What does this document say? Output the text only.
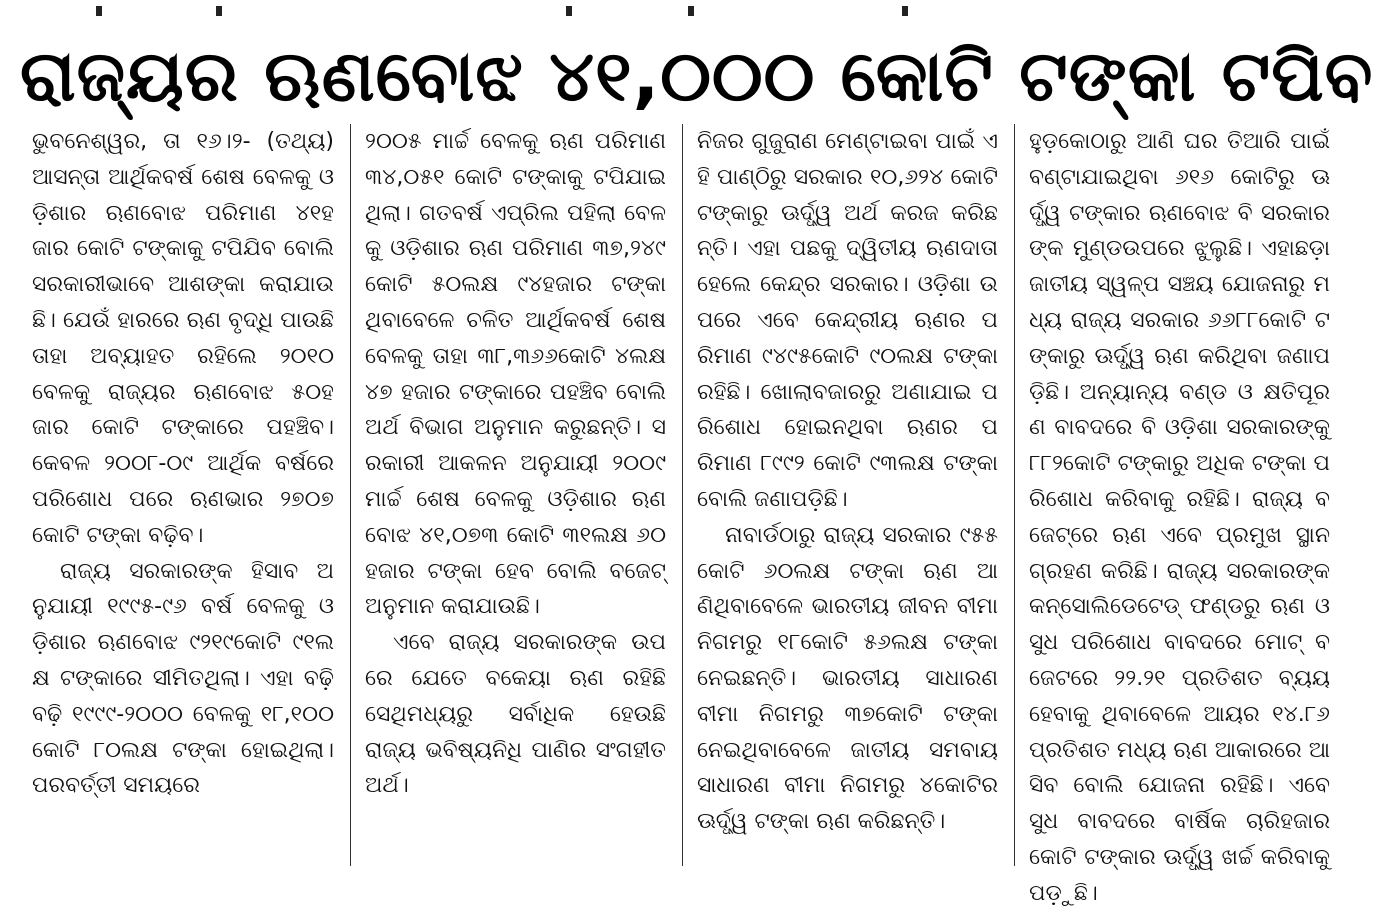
ରାଜ୍ୟର ଋଣବୋଝ ୪୧,୦୦୦ କୋଟି ଟଙ୍କା ଟପିବ

ଭୁବନେଶ୍ୱର, ତା ୧୬।୨- (ତଥ୍ୟ) ଆସନ୍ତା ଆର୍ଥିକବର୍ଷ ଶେଷ ବେଳକୁ ଓଡ଼ିଶାର ଋଣବୋଝ ପରିମାଣ ୪୧ହଜାର କୋଟି ଟଙ୍କାକୁ ଟପିଯିବ ବୋଲି ସରକାରୀଭାବେ ଆଶଙ୍କା କରାଯାଉଛି। ଯେଉଁ ହାରରେ ଋଣ ବୃଦ୍ଧି ପାଉଛି ତାହା ଅବ୍ୟାହତ ରହିଲେ ୨୦୧୦ ବେଳକୁ ରାଜ୍ୟର ଋଣବୋଝ ୫୦ହଜାର କୋଟି ଟଙ୍କାରେ ପହଞ୍ଚିବ। କେବଳ ୨୦୦୮-୦୯ ଆର୍ଥିକ ବର୍ଷରେ ପରିଶୋଧ ପରେ ଋଣଭାର ୨୭୦୭ କୋଟି ଟଙ୍କା ବଢ଼ିବ।

ରାଜ୍ୟ ସରକାରଙ୍କ ହିସାବ ଅନୁଯାୟୀ ୧୯୯୫-୯୬ ବର୍ଷ ବେଳକୁ ଓଡ଼ିଶାର ଋଣବୋଝ ୯୨୧୯କୋଟି ୯୧ଲକ୍ଷ ଟଙ୍କାରେ ସୀମିତଥିଲା। ଏହା ବଢ଼ି ବଢ଼ି ୧୯୯୯-୨୦୦୦ ବେଳକୁ ୧୮,୧୦୦କୋଟି ୮୦ଲକ୍ଷ ଟଙ୍କା ହୋଇଥିଲା। ପରବର୍ତ୍ତୀ ସମୟରେ

୨୦୦୫ ମାର୍ଚ୍ଚ ବେଳକୁ ଋଣ ପରିମାଣ ୩୪,୦୫୧ କୋଟି ଟଙ୍କାକୁ ଟପିଯାଇଥିଲା। ଗତବର୍ଷ ଏପ୍ରିଲ ପହିଲା ବେଳକୁ ଓଡ଼ିଶାର ଋଣ ପରିମାଣ ୩୭,୨୪୯ କୋଟି ୫୦ଲକ୍ଷ ୯୪ହଜାର ଟଙ୍କା ଥିବାବେଳେ ଚଳିତ ଆର୍ଥିକବର୍ଷ ଶେଷବେଳକୁ ତାହା ୩୮,୩୬୬କୋଟି ୪ଲକ୍ଷ ୪୭ ହଜାର ଟଙ୍କାରେ ପହଞ୍ଚିବ ବୋଲି ଅର୍ଥ ବିଭାଗ ଅନୁମାନ କରୁଛନ୍ତି। ସରକାରୀ ଆକଳନ ଅନୁଯାୟୀ ୨୦୦୯ ମାର୍ଚ୍ଚ ଶେଷ ବେଳକୁ ଓଡ଼ିଶାର ଋଣବୋଝ ୪୧,୦୭୩ କୋଟି ୩୧ଲକ୍ଷ ୬୦ହଜାର ଟଙ୍କା ହେବ ବୋଲି ବଜେଟ୍ ଅନୁମାନ କରାଯାଉଛି।

ଏବେ ରାଜ୍ୟ ସରକାରଙ୍କ ଉପରେ ଯେତେ ବକେୟା ଋଣ ରହିଛି ସେଥିମଧ୍ୟରୁ ସର୍ବାଧିକ ହେଉଛି ରାଜ୍ୟ ଭବିଷ୍ୟନିଧି ପାଣିର ସଂଗହୀତ ଅର୍ଥ।

ନିଜର ଗୁଜୁରାଣ ମେଣ୍ଟାଇବା ପାଇଁ ଏହି ପାଣ୍ଠିରୁ ସରକାର ୧୦,୬୨୪ କୋଟି ଟଙ୍କାରୁ ଊର୍ଦ୍ଧ୍ୱ ଅର୍ଥ କରଜ କରିଛନ୍ତି। ଏହା ପଛକୁ ଦ୍ୱିତୀୟ ଋଣଦାତା ହେଲେ କେନ୍ଦ୍ର ସରକାର। ଓଡ଼ିଶା ଉପରେ ଏବେ କେନ୍ଦ୍ରୀୟ ଋଣର ପରିମାଣ ୯୪୯୫କୋଟି ୯୦ଲକ୍ଷ ଟଙ୍କା ରହିଛି। ଖୋଲାବଜାରରୁ ଅଣାଯାଇ ପରିଶୋଧ ହୋଇନଥିବା ଋଣର ପରିମାଣ ୮୯୯୨ କୋଟି ୯୩ଲକ୍ଷ ଟଙ୍କା ବୋଲି ଜଣାପଡ଼ିଛି।

ନାବାର୍ଡଠାରୁ ରାଜ୍ୟ ସରକାର ୯୫୫ କୋଟି ୬୦ଲକ୍ଷ ଟଙ୍କା ଋଣ ଆଣିଥିବାବେଳେ ଭାରତୀୟ ଜୀବନ ବୀମା ନିଗମରୁ ୧୮କୋଟି ୫୬ଲକ୍ଷ ଟଙ୍କା ନେଇଛନ୍ତି। ଭାରତୀୟ ସାଧାରଣ ବୀମା ନିଗମରୁ ୩୭କୋଟି ଟଙ୍କା ନେଇଥିବାବେଳେ ଜାତୀୟ ସମବାୟ ସାଧାରଣ ବୀମା ନିଗମରୁ ୪କୋଟିର ଊର୍ଦ୍ଧ୍ୱ ଟଙ୍କା ଋଣ କରିଛନ୍ତି।

ହୁଡ଼କୋଠାରୁ ଆଣି ଘର ତିଆରି ପାଇଁ ବଣ୍ଟାଯାଇଥିବା ୬୧୬ କୋଟିରୁ ଊର୍ଦ୍ଧ୍ୱ ଟଙ୍କାର ଋଣବୋଝ ବି ସରକାରଙ୍କ ମୁଣ୍ଡଉପରେ ଝୁଲୁଛି। ଏହାଛଡ଼ା ଜାତୀୟ ସ୍ୱଳ୍ପ ସଞ୍ଚୟ ଯୋଜନାରୁ ମଧ୍ୟ ରାଜ୍ୟ ସରକାର ୬୬୮୮କୋଟି ଟଙ୍କାରୁ ଊର୍ଦ୍ଧ୍ୱ ଋଣ କରିଥିବା ଜଣାପଡ଼ିଛି। ଅନ୍ୟାନ୍ୟ ବଣ୍ଡ ଓ କ୍ଷତିପୂରଣ ବାବଦରେ ବି ଓଡ଼ିଶା ସରକାରଙ୍କୁ ୮୮୨କୋଟି ଟଙ୍କାରୁ ଅଧିକ ଟଙ୍କା ପରିଶୋଧ କରିବାକୁ ରହିଛି। ରାଜ୍ୟ ବଜେଟ୍‌ରେ ଋଣ ଏବେ ପ୍ରମୁଖ ସ୍ଥାନ ଗ୍ରହଣ କରିଛି। ରାଜ୍ୟ ସରକାରଙ୍କ କନ୍‌ସୋଲିଡେଟେଡ୍ ଫଣ୍ଡରୁ ଋଣ ଓ ସୁଧ ପରିଶୋଧ ବାବଦରେ ମୋଟ୍ ବଜେଟରେ ୨୨.୨୧ ପ୍ରତିଶତ ବ୍ୟୟ ହେବାକୁ ଥିବାବେଳେ ଆୟର ୧୪.୮୬ ପ୍ରତିଶତ ମଧ୍ୟ ଋଣ ଆକାରରେ ଆସିବ ବୋଲି ଯୋଜନା ରହିଛି। ଏବେ ସୁଧ ବାବଦରେ ବାର୍ଷିକ ଚାରିହଜାର କୋଟି ଟଙ୍କାର ଊର୍ଦ୍ଧ୍ୱ ଖର୍ଚ୍ଚ କରିବାକୁ ପଡ଼ୁଛି।
